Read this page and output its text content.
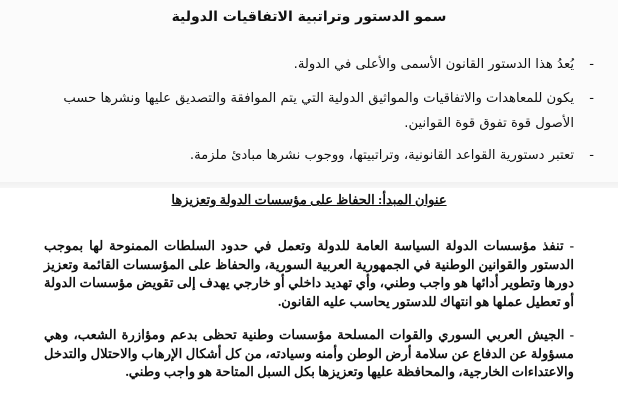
سمو الدستور وتراتبية الاتفاقيات الدولية
-
يُعدُ هذا الدستور القانون الأسمى والأعلى في الدولة.
-
يكون للمعاهدات والاتفاقيات والمواثيق الدولية التي يتم الموافقة والتصديق عليها ونشرها حسب الأصول قوة تفوق قوة القوانين.
-
تعتبر دستورية القواعد القانونية، وتراتبيتها، ووجوب نشرها مبادئ ملزمة.
عنوان المبدأ: الحفاظ على مؤسسات الدولة وتعزيزها

- تنفذ مؤسسات الدولة السياسة العامة للدولة وتعمل في حدود السلطات الممنوحة لها بموجب الدستور والقوانين الوطنية في الجمهورية العربية السورية، والحفاظ على المؤسسات القائمة وتعزيز دورها وتطوير أدائها هو واجب وطني، وأي تهديد داخلي أو خارجي يهدف إلى تقويض مؤسسات الدولة أو تعطيل عملها هو انتهاك للدستور يحاسب عليه القانون.

- الجيش العربي السوري والقوات المسلحة مؤسسات وطنية تحظى بدعم ومؤازرة الشعب، وهي مسؤولة عن الدفاع عن سلامة أرض الوطن وأمنه وسيادته، من كل أشكال الإرهاب والاحتلال والتدخل والاعتداءات الخارجية، والمحافظة عليها وتعزيزها بكل السبل المتاحة هو واجب وطني.
